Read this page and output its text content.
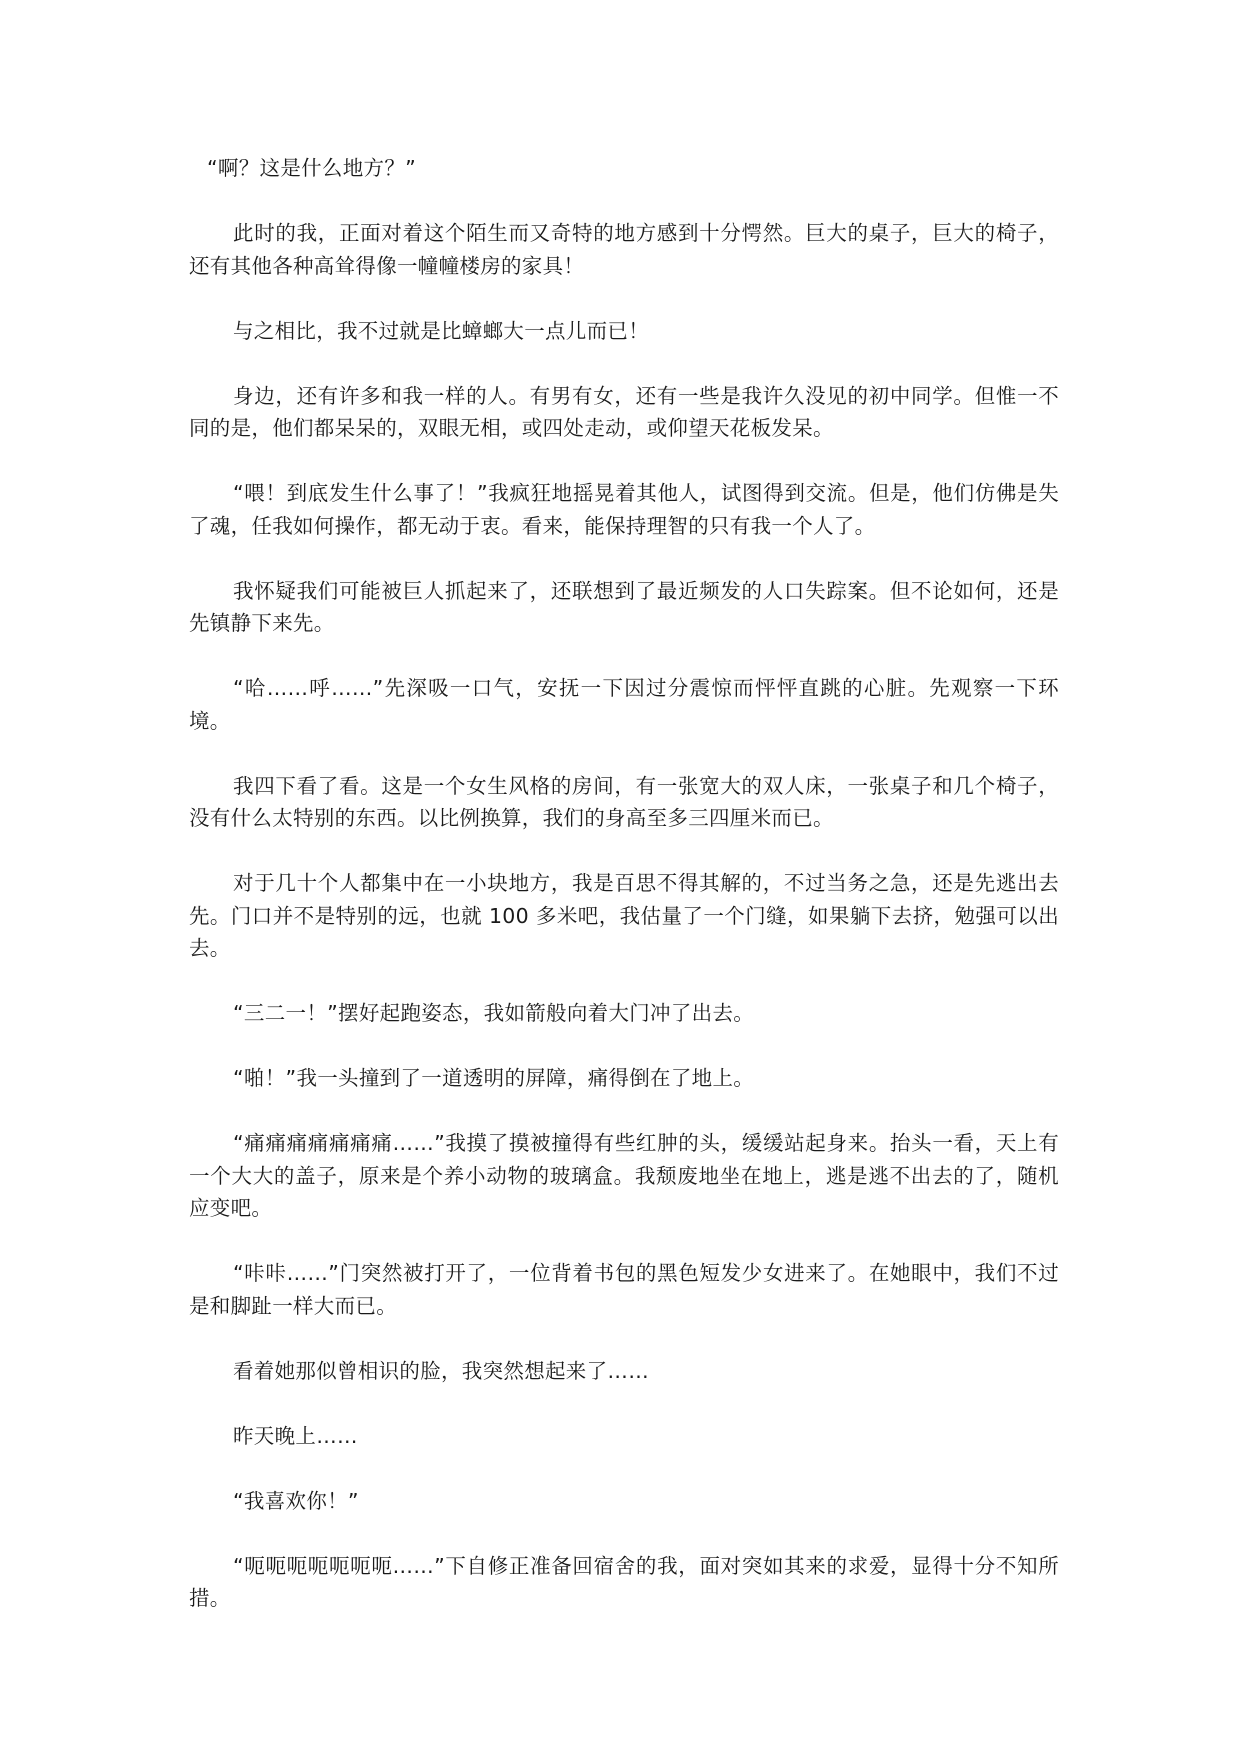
“啊？这是什么地方？”

此时的我，正面对着这个陌生而又奇特的地方感到十分愕然。巨大的桌子，巨大的椅子，还有其他各种高耸得像一幢幢楼房的家具！

与之相比，我不过就是比蟑螂大一点儿而已！

身边，还有许多和我一样的人。有男有女，还有一些是我许久没见的初中同学。但惟一不同的是，他们都呆呆的，双眼无相，或四处走动，或仰望天花板发呆。

“喂！到底发生什么事了！”我疯狂地摇晃着其他人，试图得到交流。但是，他们仿佛是失了魂，任我如何操作，都无动于衷。看来，能保持理智的只有我一个人了。

我怀疑我们可能被巨人抓起来了，还联想到了最近频发的人口失踪案。但不论如何，还是先镇静下来先。

“哈……呼……”先深吸一口气，安抚一下因过分震惊而怦怦直跳的心脏。先观察一下环境。

我四下看了看。这是一个女生风格的房间，有一张宽大的双人床，一张桌子和几个椅子，没有什么太特别的东西。以比例换算，我们的身高至多三四厘米而已。

对于几十个人都集中在一小块地方，我是百思不得其解的，不过当务之急，还是先逃出去先。门口并不是特别的远，也就 100 多米吧，我估量了一个门缝，如果躺下去挤，勉强可以出去。

“三二一！”摆好起跑姿态，我如箭般向着大门冲了出去。

“啪！”我一头撞到了一道透明的屏障，痛得倒在了地上。

“痛痛痛痛痛痛痛……”我摸了摸被撞得有些红肿的头，缓缓站起身来。抬头一看，天上有一个大大的盖子，原来是个养小动物的玻璃盒。我颓废地坐在地上，逃是逃不出去的了，随机应变吧。

“咔咔……”门突然被打开了，一位背着书包的黑色短发少女进来了。在她眼中，我们不过是和脚趾一样大而已。

看着她那似曾相识的脸，我突然想起来了……

昨天晚上……

“我喜欢你！”

“呃呃呃呃呃呃呃……”下自修正准备回宿舍的我，面对突如其来的求爱，显得十分不知所措。
